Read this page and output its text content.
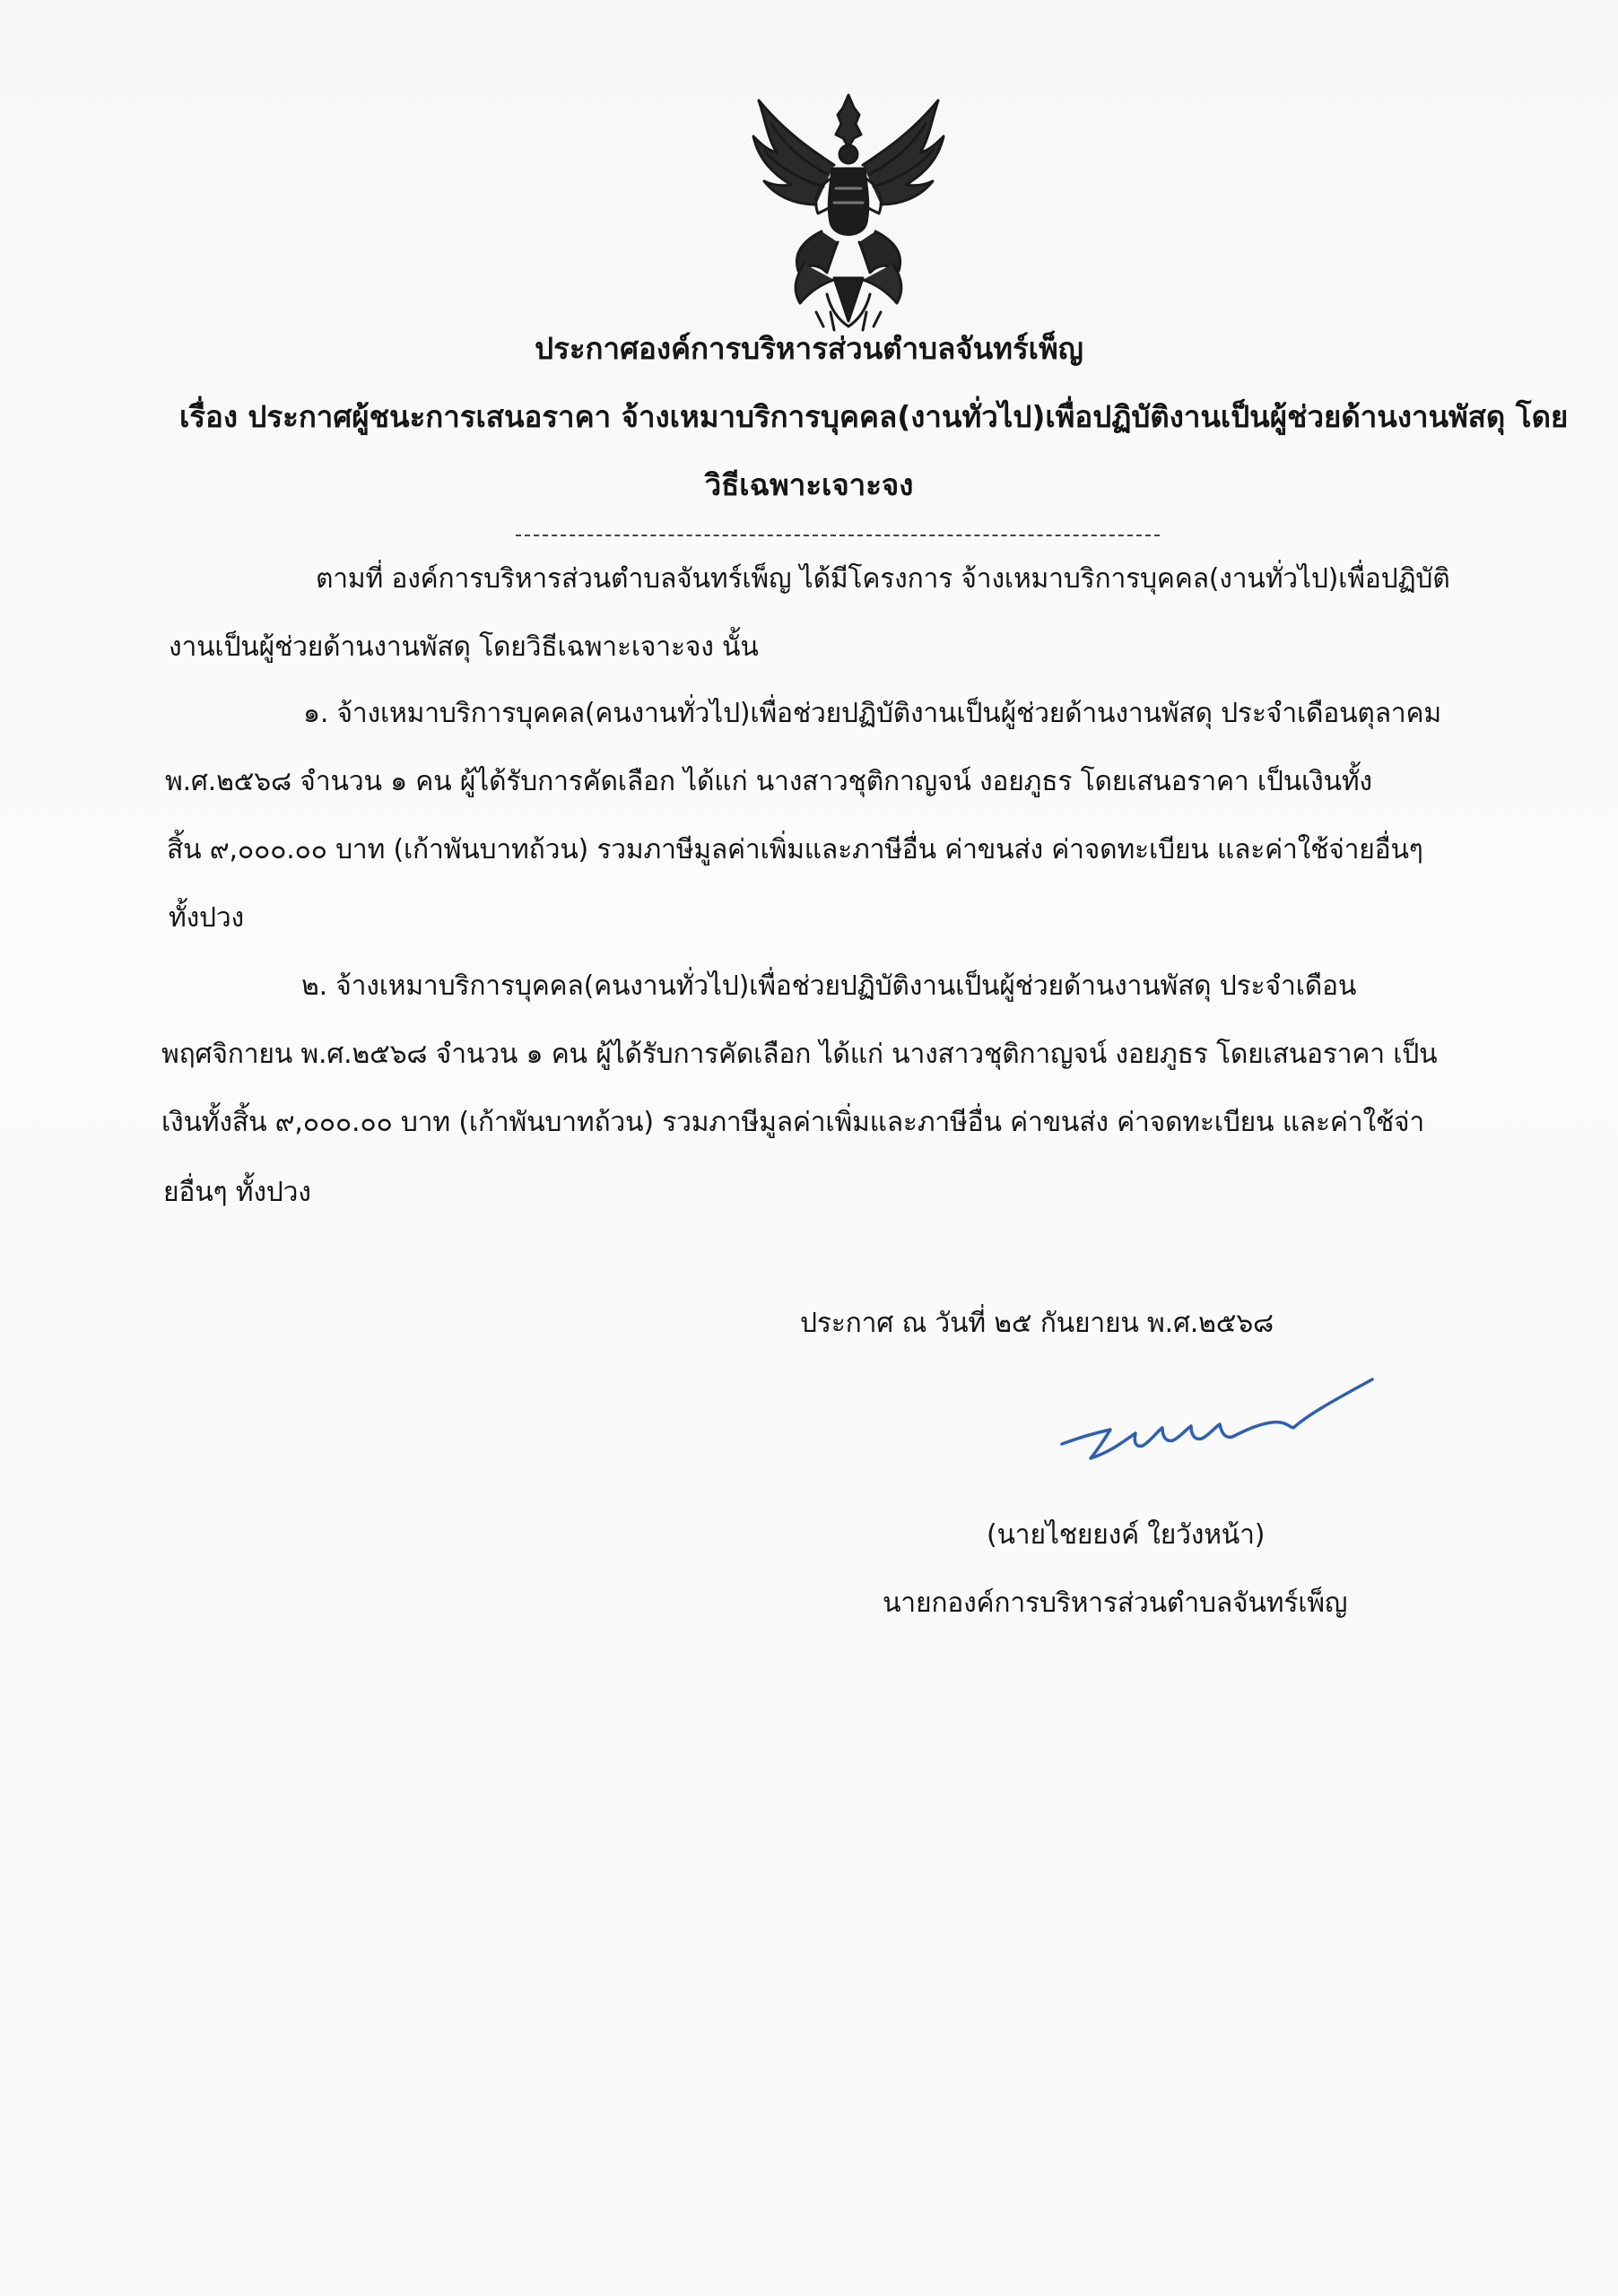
ประกาศองค์การบริหารส่วนตำบลจันทร์เพ็ญ
เรื่อง ประกาศผู้ชนะการเสนอราคา จ้างเหมาบริการบุคคล(งานทั่วไป)เพื่อปฏิบัติงานเป็นผู้ช่วยด้านงานพัสดุ โดย
วิธีเฉพาะเจาะจง
ตามที่ องค์การบริหารส่วนตำบลจันทร์เพ็ญ ได้มีโครงการ จ้างเหมาบริการบุคคล(งานทั่วไป)เพื่อปฏิบัติ
งานเป็นผู้ช่วยด้านงานพัสดุ โดยวิธีเฉพาะเจาะจง นั้น
๑. จ้างเหมาบริการบุคคล(คนงานทั่วไป)เพื่อช่วยปฏิบัติงานเป็นผู้ช่วยด้านงานพัสดุ ประจำเดือนตุลาคม
พ.ศ.๒๕๖๘ จำนวน ๑ คน ผู้ได้รับการคัดเลือก ได้แก่ นางสาวชุติกาญจน์ งอยภูธร โดยเสนอราคา เป็นเงินทั้ง
สิ้น ๙,๐๐๐.๐๐ บาท (เก้าพันบาทถ้วน) รวมภาษีมูลค่าเพิ่มและภาษีอื่น ค่าขนส่ง ค่าจดทะเบียน และค่าใช้จ่ายอื่นๆ
ทั้งปวง
๒. จ้างเหมาบริการบุคคล(คนงานทั่วไป)เพื่อช่วยปฏิบัติงานเป็นผู้ช่วยด้านงานพัสดุ ประจำเดือน
พฤศจิกายน พ.ศ.๒๕๖๘ จำนวน ๑ คน ผู้ได้รับการคัดเลือก ได้แก่ นางสาวชุติกาญจน์ งอยภูธร โดยเสนอราคา เป็น
เงินทั้งสิ้น ๙,๐๐๐.๐๐ บาท (เก้าพันบาทถ้วน) รวมภาษีมูลค่าเพิ่มและภาษีอื่น ค่าขนส่ง ค่าจดทะเบียน และค่าใช้จ่า
ยอื่นๆ ทั้งปวง
ประกาศ ณ วันที่ ๒๕ กันยายน พ.ศ.๒๕๖๘
(นายไชยยงค์ ใยวังหน้า)
นายกองค์การบริหารส่วนตำบลจันทร์เพ็ญ
